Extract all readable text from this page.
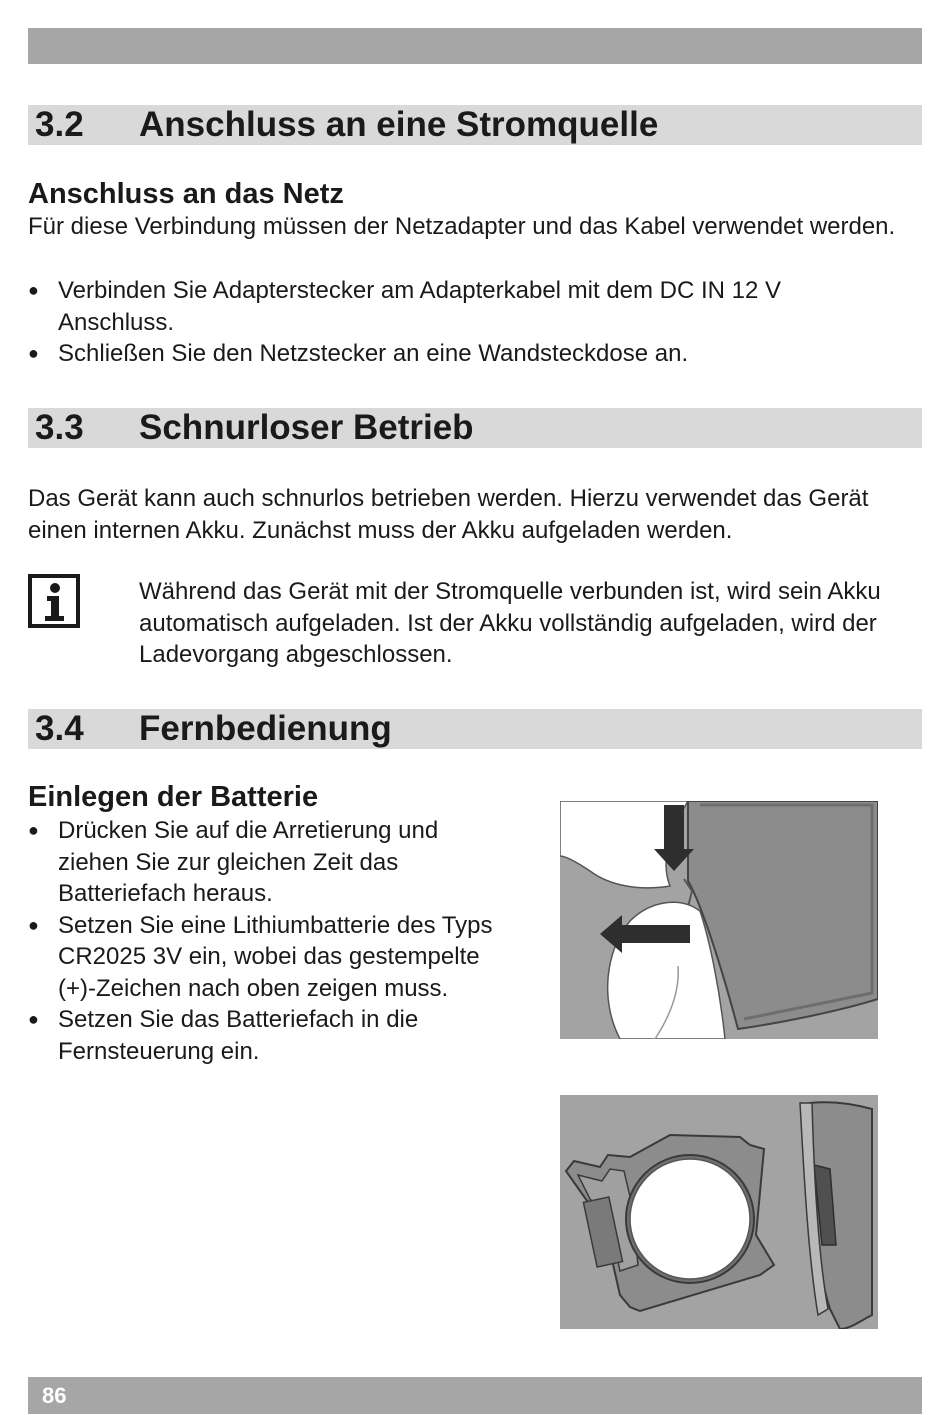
3.2 Anschluss an eine Stromquelle
Anschluss an das Netz

Für diese Verbindung müssen der Netzadapter und das Kabel verwendet werden.

● Verbinden Sie Adapterstecker am Adapterkabel mit dem DC IN 12 V Anschluss.
● Schließen Sie den Netzstecker an eine Wandsteckdose an.
3.3 Schnurloser Betrieb

Das Gerät kann auch schnurlos betrieben werden. Hierzu verwendet das Gerät einen internen Akku. Zunächst muss der Akku aufgeladen werden.

Während das Gerät mit der Stromquelle verbunden ist, wird sein Akku automatisch aufgeladen. Ist der Akku vollständig aufgeladen, wird der Ladevorgang abgeschlossen.

3.4 Fernbedienung
Einlegen der Batterie
● Drücken Sie auf die Arretierung und ziehen Sie zur gleichen Zeit das Batteriefach heraus.
● Setzen Sie eine Lithiumbatterie des Typs CR2025 3V ein, wobei das gestempelte (+)-Zeichen nach oben zeigen muss.
● Setzen Sie das Batteriefach in die Fernsteuerung ein.
86
